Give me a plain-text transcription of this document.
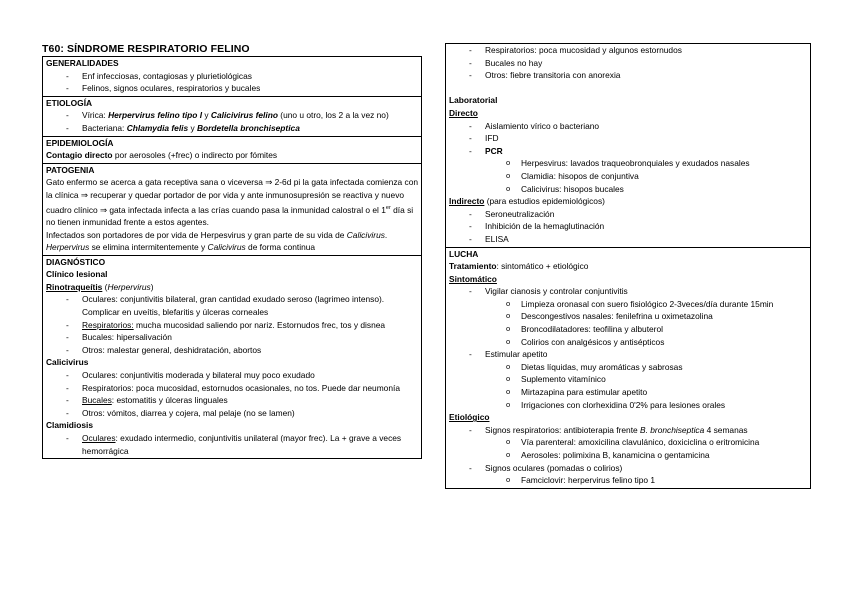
T60: SÍNDROME RESPIRATORIO FELINO
GENERALIDADES
- Enf infecciosas, contagiosas y plurietiológicas
- Felinos, signos oculares, respiratorios y bucales
ETIOLOGÍA
- Vírica: Herpervirus felino tipo I y Calicivirus felino (uno u otro, los 2 a la vez no)
- Bacteriana: Chlamydia felis y Bordetella bronchiseptica
EPIDEMIOLOGÍA
Contagio directo por aerosoles (+frec) o indirecto por fómites
PATOGENIA
Gato enfermo se acerca a gata receptiva sana o viceversa ⇒ 2-6d pi la gata infectada comienza con la clínica ⇒ recuperar y quedar portador de por vida y ante inmunosupresión se reactiva y nuevo cuadro clínico ⇒ gata infectada infecta a las crías cuando pasa la inmunidad calostral o el 1er día si no tienen inmunidad frente a estos agentes.
Infectados son portadores de por vida de Herpesvirus y gran parte de su vida de Calicivirus. Herpervirus se elimina intermitentemente y Calicivirus de forma continua
DIAGNÓSTICO
Clínico lesional
Rinotraqueítis (Herpervirus)
- Oculares: conjuntivitis bilateral, gran cantidad exudado seroso (lagrimeo intenso). Complicar en uveítis, blefaritis y úlceras corneales
- Respiratorios: mucha mucosidad saliendo por nariz. Estornudos frec, tos y disnea
- Bucales: hipersalivación
- Otros: malestar general, deshidratación, abortos
Calicivirus
- Oculares: conjuntivitis moderada y bilateral muy poco exudado
- Respiratorios: poca mucosidad, estornudos ocasionales, no tos. Puede dar neumonía
- Bucales: estomatitis y úlceras linguales
- Otros: vómitos, diarrea y cojera, mal pelaje (no se lamen)
Clamidiosis
- Oculares: exudado intermedio, conjuntivitis unilateral (mayor frec). La + grave a veces hemorrágica
- Respiratorios: poca mucosidad y algunos estornudos
- Bucales no hay
- Otros: fiebre transitoria con anorexia
Laboratorial
Directo
- Aislamiento vírico o bacteriano
- IFD
- PCR
o Herpesvirus: lavados traqueobronquiales y exudados nasales
o Clamidia: hisopos de conjuntiva
o Calicivirus: hisopos bucales
Indirecto (para estudios epidemiológicos)
- Seroneutralización
- Inhibición de la hemaglutinación
- ELISA
LUCHA
Tratamiento: sintomático + etiológico
Sintomático
- Vigilar cianosis y controlar conjuntivitis
o Limpieza oronasal con suero fisiológico 2-3veces/día durante 15min
o Descongestivos nasales: fenilefrina u oximetazolina
o Broncodilatadores: teofilina y albuterol
o Colirios con analgésicos y antisépticos
- Estimular apetito
o Dietas líquidas, muy aromáticas y sabrosas
o Suplemento vitamínico
o Mirtazapina para estimular apetito
o Irrigaciones con clorhexidina 0'2% para lesiones orales
Etiológico
- Signos respiratorios: antibioterapia frente B. bronchiseptica 4 semanas
o Vía parenteral: amoxicilina clavulánico, doxiciclina o eritromicina
o Aerosoles: polimixina B, kanamicina o gentamicina
- Signos oculares (pomadas o colirios)
o Famciclovir: herpervirus felino tipo 1
